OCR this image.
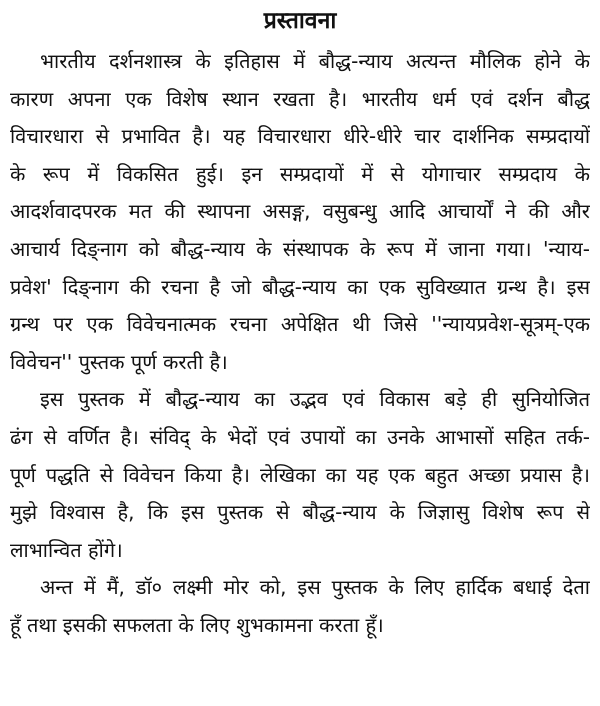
प्रस्तावना
भारतीय दर्शनशास्त्र के इतिहास में बौद्ध-न्याय अत्यन्त मौलिक होने के
कारण अपना एक विशेष स्थान रखता है। भारतीय धर्म एवं दर्शन बौद्ध
विचारधारा से प्रभावित है। यह विचारधारा धीरे-धीरे चार दार्शनिक सम्प्रदायों
के रूप में विकसित हुई। इन सम्प्रदायों में से योगाचार सम्प्रदाय के
आदर्शवादपरक मत की स्थापना असङ्ग, वसुबन्धु आदि आचार्यों ने की और
आचार्य दिङ्नाग को बौद्ध-न्याय के संस्थापक के रूप में जाना गया। 'न्याय-
प्रवेश' दिङ्नाग की रचना है जो बौद्ध-न्याय का एक सुविख्यात ग्रन्थ है। इस
ग्रन्थ पर एक विवेचनात्मक रचना अपेक्षित थी जिसे ''न्यायप्रवेश-सूत्रम्-एक
विवेचन'' पुस्तक पूर्ण करती है।
इस पुस्तक में बौद्ध-न्याय का उद्भव एवं विकास बड़े ही सुनियोजित
ढंग से वर्णित है। संविद् के भेदों एवं उपायों का उनके आभासों सहित तर्क-
पूर्ण पद्धति से विवेचन किया है। लेखिका का यह एक बहुत अच्छा प्रयास है।
मुझे विश्वास है, कि इस पुस्तक से बौद्ध-न्याय के जिज्ञासु विशेष रूप से
लाभान्वित होंगे।
अन्त में मैं, डॉ० लक्ष्मी मोर को, इस पुस्तक के लिए हार्दिक बधाई देता
हूँ तथा इसकी सफलता के लिए शुभकामना करता हूँ।
